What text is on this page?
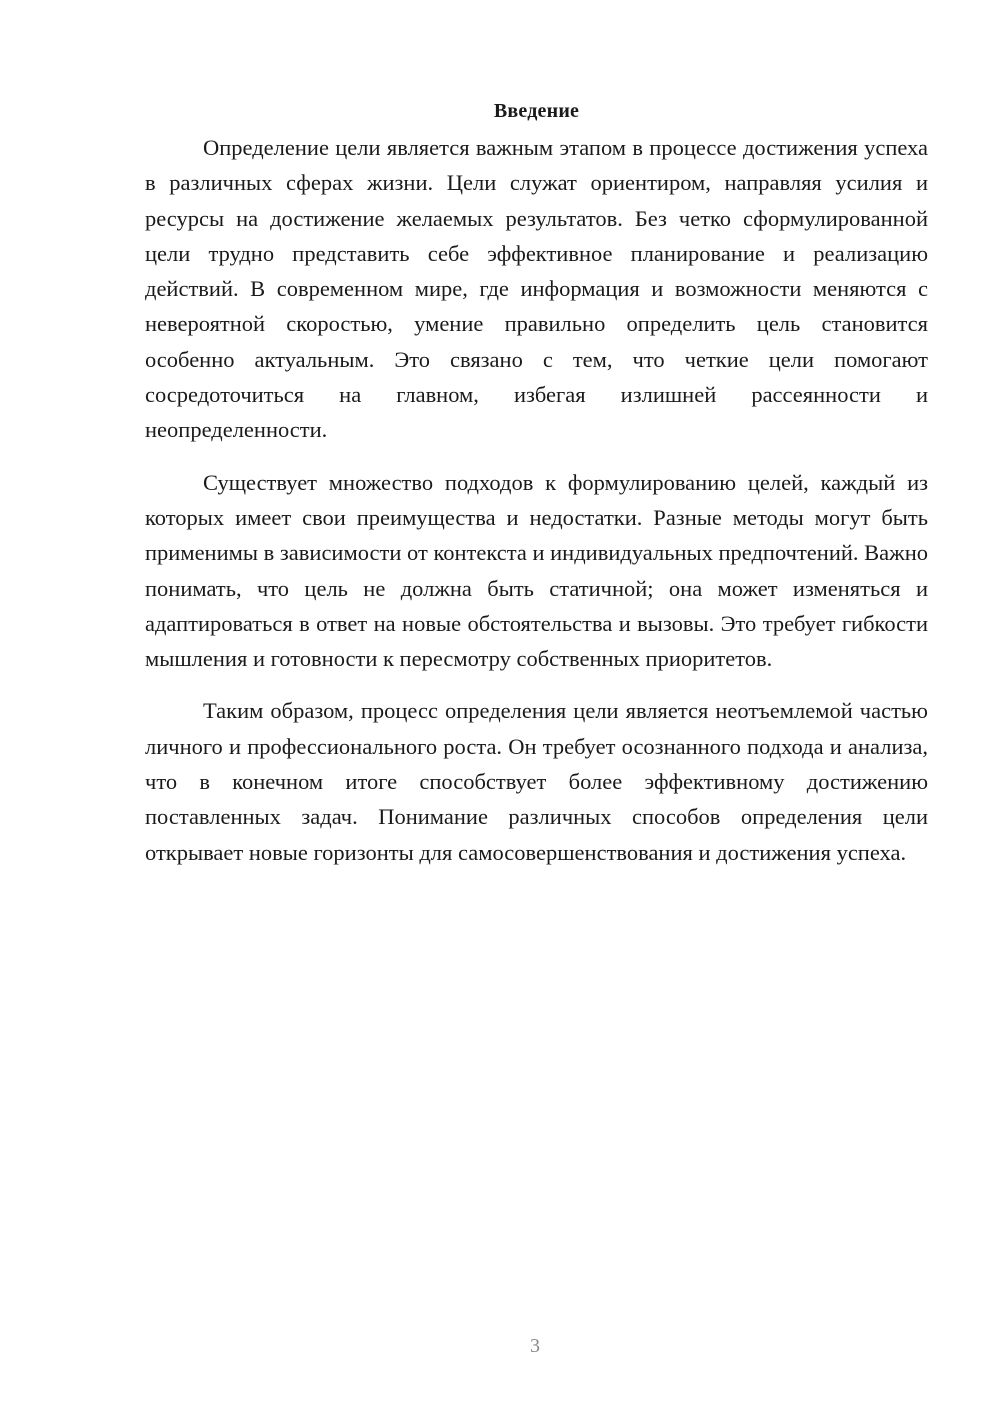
Введение

Определение цели является важным этапом в процессе достижения успеха в различных сферах жизни. Цели служат ориентиром, направляя усилия и ресурсы на достижение желаемых результатов. Без четко сформулированной цели трудно представить себе эффективное планирование и реализацию действий. В современном мире, где информация и возможности меняются с невероятной скоростью, умение правильно определить цель становится особенно актуальным. Это связано с тем, что четкие цели помогают сосредоточиться на главном, избегая излишней рассеянности и неопределенности.

Существует множество подходов к формулированию целей, каждый из которых имеет свои преимущества и недостатки. Разные методы могут быть применимы в зависимости от контекста и индивидуальных предпочтений. Важно понимать, что цель не должна быть статичной; она может изменяться и адаптироваться в ответ на новые обстоятельства и вызовы. Это требует гибкости мышления и готовности к пересмотру собственных приоритетов.

Таким образом, процесс определения цели является неотъемлемой частью личного и профессионального роста. Он требует осознанного подхода и анализа, что в конечном итоге способствует более эффективному достижению поставленных задач. Понимание различных способов определения цели открывает новые горизонты для самосовершенствования и достижения успеха.

3
